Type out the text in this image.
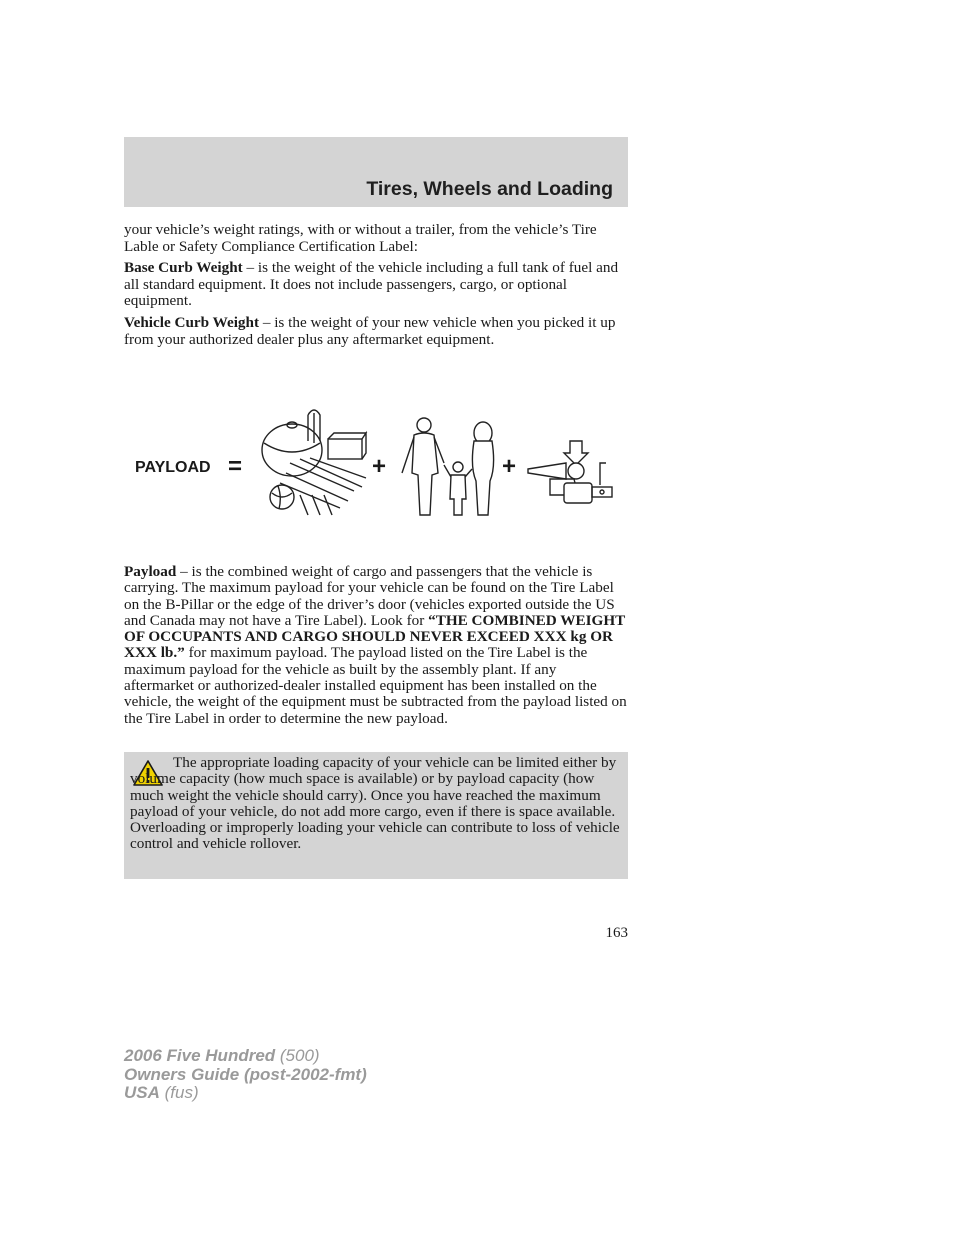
Tires, Wheels and Loading

your vehicle’s weight ratings, with or without a trailer, from the vehicle’s Tire Lable or Safety Compliance Certification Label:

Base Curb Weight – is the weight of the vehicle including a full tank of fuel and all standard equipment. It does not include passengers, cargo, or optional equipment.

Vehicle Curb Weight – is the weight of your new vehicle when you picked it up from your authorized dealer plus any aftermarket equipment.

PAYLOAD =	+	+

Payload – is the combined weight of cargo and passengers that the vehicle is carrying. The maximum payload for your vehicle can be found on the Tire Label on the B-Pillar or the edge of the driver’s door (vehicles exported outside the US and Canada may not have a Tire Label). Look for “THE COMBINED WEIGHT OF OCCUPANTS AND CARGO SHOULD NEVER EXCEED XXX kg OR XXX lb.” for maximum payload. The payload listed on the Tire Label is the maximum payload for the vehicle as built by the assembly plant. If any aftermarket or authorized-dealer installed equipment has been installed on the vehicle, the weight of the equipment must be subtracted from the payload listed on the Tire Label in order to determine the new payload.

The appropriate loading capacity of your vehicle can be limited either by volume capacity (how much space is available) or by payload capacity (how much weight the vehicle should carry). Once you have reached the maximum payload of your vehicle, do not add more cargo, even if there is space available. Overloading or improperly loading your vehicle can contribute to loss of vehicle control and vehicle rollover.
163
2006 Five Hundred (500)
Owners Guide (post-2002-fmt)
USA (fus)
